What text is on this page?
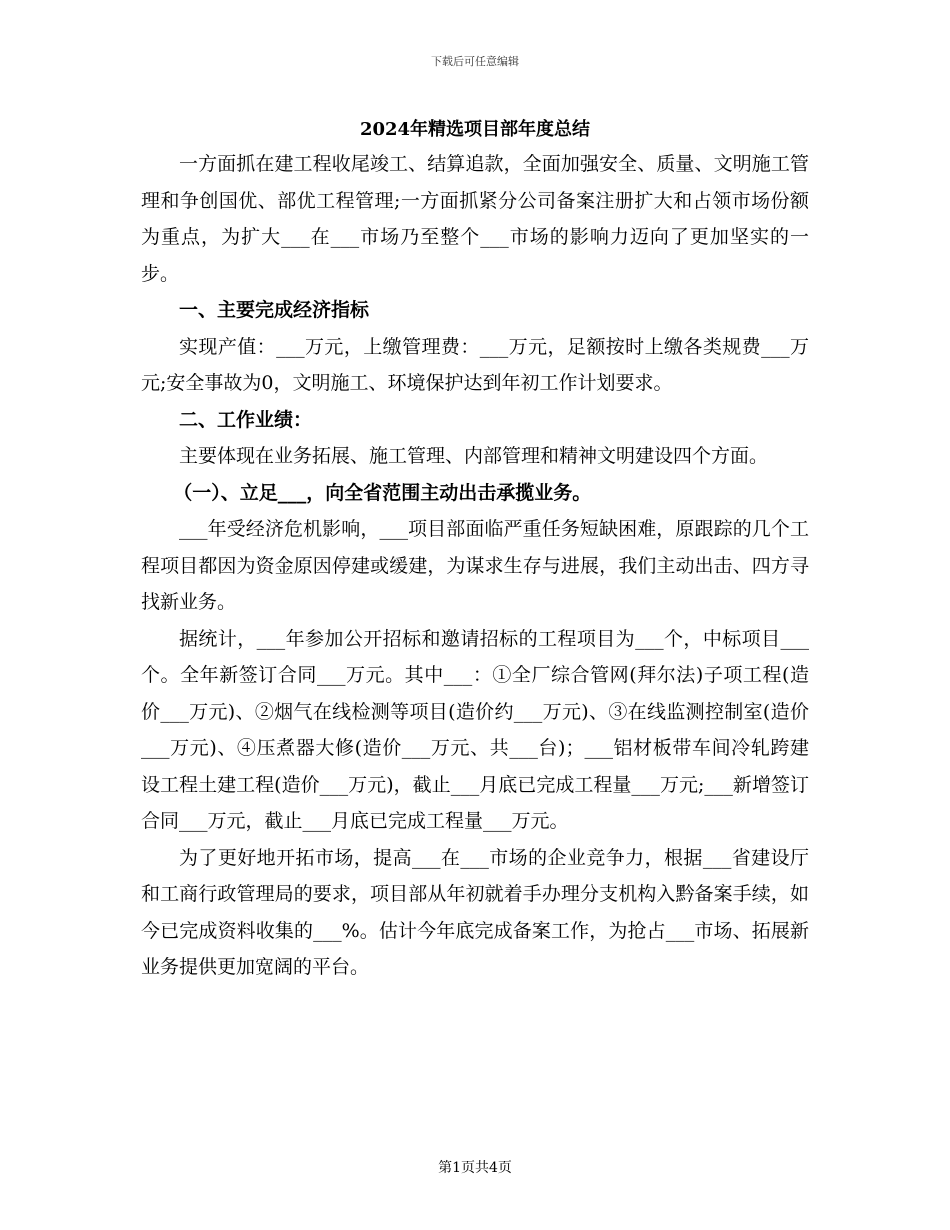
下载后可任意编辑
2024年精选项目部年度总结

一方面抓在建工程收尾竣工、结算追款，全面加强安全、质量、文明施工管理和争创国优、部优工程管理;一方面抓紧分公司备案注册扩大和占领市场份额为重点，为扩大___在___市场乃至整个___市场的影响力迈向了更加坚实的一步。

一、主要完成经济指标

实现产值：___万元，上缴管理费：___万元，足额按时上缴各类规费___万元;安全事故为0，文明施工、环境保护达到年初工作计划要求。

二、工作业绩：

主要体现在业务拓展、施工管理、内部管理和精神文明建设四个方面。

（一）、立足___，向全省范围主动出击承揽业务。

___年受经济危机影响，___项目部面临严重任务短缺困难，原跟踪的几个工程项目都因为资金原因停建或缓建，为谋求生存与进展，我们主动出击、四方寻找新业务。

据统计，___年参加公开招标和邀请招标的工程项目为___个，中标项目___个。全年新签订合同___万元。其中___：①全厂综合管网(拜尔法)子项工程(造价___万元)、②烟气在线检测等项目(造价约___万元)、③在线监测控制室(造价___万元)、④压煮器大修(造价___万元、共___台)；___铝材板带车间冷轧跨建设工程土建工程(造价___万元)，截止___月底已完成工程量___万元;___新增签订合同___万元，截止___月底已完成工程量___万元。

为了更好地开拓市场，提高___在___市场的企业竞争力，根据___省建设厅和工商行政管理局的要求，项目部从年初就着手办理分支机构入黔备案手续，如今已完成资料收集的___%。估计今年底完成备案工作，为抢占___市场、拓展新业务提供更加宽阔的平台。

第1页共4页
